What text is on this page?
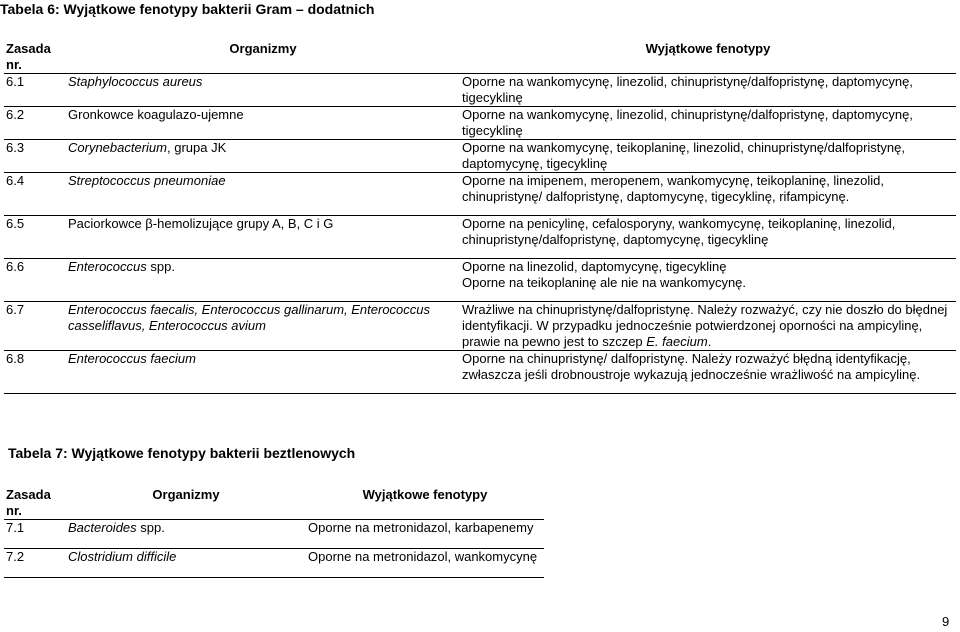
Tabela 6: Wyjątkowe fenotypy bakterii Gram – dodatnich
Zasada nr.	Organizmy	Wyjątkowe fenotypy
6.1	Staphylococcus aureus	Oporne na wankomycynę, linezolid, chinupristynę/dalfopristynę, daptomycynę, tigecyklinę
6.2	Gronkowce koagulazo-ujemne	Oporne na wankomycynę, linezolid, chinupristynę/dalfopristynę, daptomycynę, tigecyklinę
6.3	Corynebacterium, grupa JK	Oporne na wankomycynę, teikoplaninę, linezolid, chinupristynę/dalfopristynę, daptomycynę, tigecyklinę
6.4	Streptococcus pneumoniae	Oporne na imipenem, meropenem, wankomycynę, teikoplaninę, linezolid, chinupristynę/ dalfopristynę, daptomycynę, tigecyklinę, rifampicynę.
6.5	Paciorkowce β-hemolizujące grupy A, B, C i G	Oporne na penicylinę, cefalosporyny, wankomycynę, teikoplaninę, linezolid, chinupristynę/dalfopristynę, daptomycynę, tigecyklinę
6.6	Enterococcus spp.	Oporne na linezolid, daptomycynę, tigecyklinę
Oporne na teikoplaninę ale nie na wankomycynę.

6.7	Enterococcus faecalis, Enterococcus gallinarum, Enterococcus casseliflavus, Enterococcus avium	Wrażliwe na chinupristynę/dalfopristynę. Należy rozważyć, czy nie doszło do błędnej identyfikacji. W przypadku jednocześnie potwierdzonej oporności na ampicylinę, prawie na pewno jest to szczep E. faecium.
6.8	Enterococcus faecium	Oporne na chinupristynę/ dalfopristynę. Należy rozważyć błędną identyfikację, zwłaszcza jeśli drobnoustroje wykazują jednocześnie wrażliwość na ampicylinę.
Tabela 7: Wyjątkowe fenotypy bakterii beztlenowych
Zasada nr.	Organizmy	Wyjątkowe fenotypy
7.1	Bacteroides spp.	Oporne na metronidazol, karbapenemy
7.2	Clostridium difficile	Oporne na metronidazol, wankomycynę
9
